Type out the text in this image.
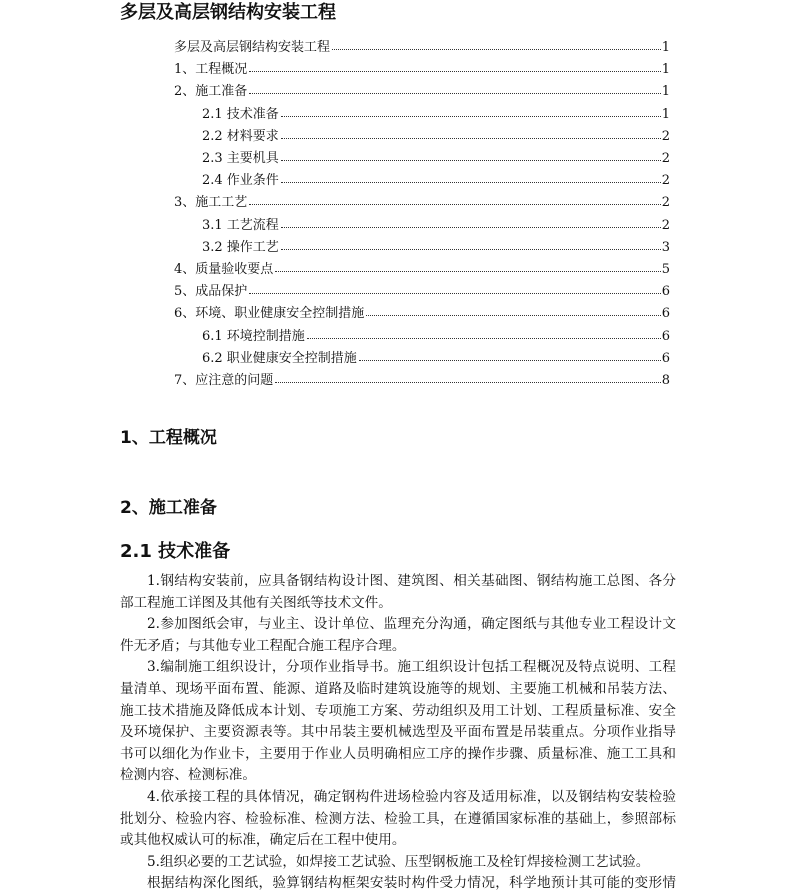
多层及高层钢结构安装工程
多层及高层钢结构安装工程	1
1、工程概况	1
2、施工准备	1
2.1 技术准备	1
2.2 材料要求	2
2.3 主要机具	2
2.4 作业条件	2
3、施工工艺	2
3.1 工艺流程	2
3.2 操作工艺	3
4、质量验收要点	5
5、成品保护	6
6、环境、职业健康安全控制措施	6
6.1 环境控制措施	6
6.2 职业健康安全控制措施	6
7、应注意的问题	8
1、工程概况
2、施工准备
2.1 技术准备
1.钢结构安装前，应具备钢结构设计图、建筑图、相关基础图、钢结构施工总图、各分
部工程施工详图及其他有关图纸等技术文件。
2.参加图纸会审，与业主、设计单位、监理充分沟通，确定图纸与其他专业工程设计文
件无矛盾；与其他专业工程配合施工程序合理。
3.编制施工组织设计，分项作业指导书。施工组织设计包括工程概况及特点说明、工程
量清单、现场平面布置、能源、道路及临时建筑设施等的规划、主要施工机械和吊装方法、
施工技术措施及降低成本计划、专项施工方案、劳动组织及用工计划、工程质量标准、安全
及环境保护、主要资源表等。其中吊装主要机械选型及平面布置是吊装重点。分项作业指导
书可以细化为作业卡，主要用于作业人员明确相应工序的操作步骤、质量标准、施工工具和
检测内容、检测标准。
4.依承接工程的具体情况，确定钢构件进场检验内容及适用标准，以及钢结构安装检验
批划分、检验内容、检验标准、检测方法、检验工具，在遵循国家标准的基础上，参照部标
或其他权威认可的标准，确定后在工程中使用。
5.组织必要的工艺试验，如焊接工艺试验、压型钢板施工及栓钉焊接检测工艺试验。
根据结构深化图纸，验算钢结构框架安装时构件受力情况，科学地预计其可能的变形情
